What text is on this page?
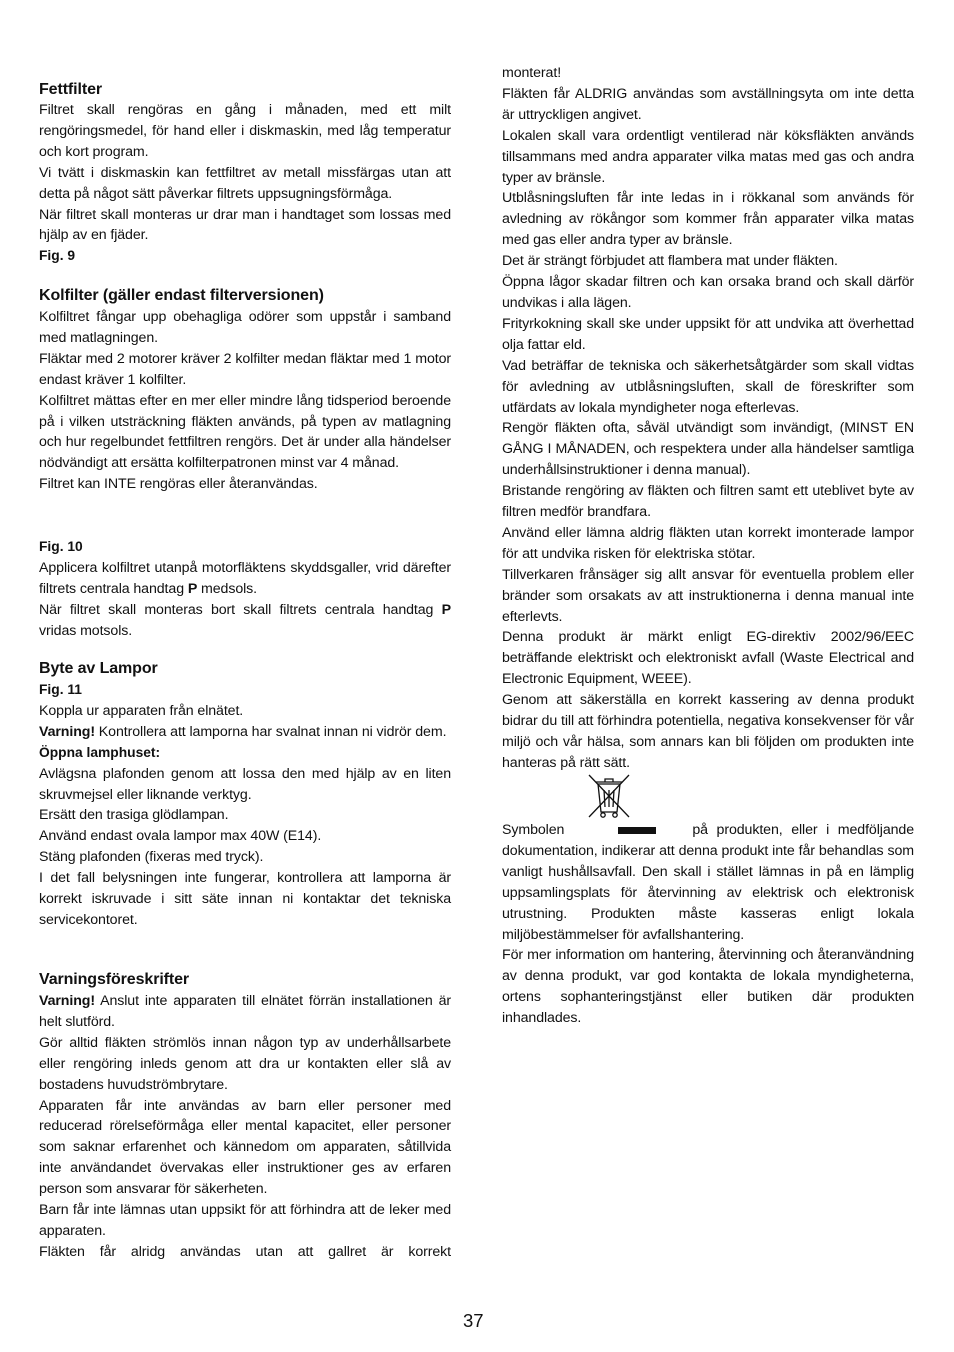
Fettfilter

Filtret skall rengöras en gång i månaden, med ett milt rengöringsmedel, för hand eller i diskmaskin, med låg temperatur och kort program.

Vi tvätt i diskmaskin kan fettfiltret av metall missfärgas utan att detta på något sätt påverkar filtrets uppsugningsförmåga.

När filtret skall monteras ur drar man i handtaget som lossas med hjälp av en fjäder.

Fig. 9

Kolfilter (gäller endast filterversionen)

Kolfiltret fångar upp obehagliga odörer som uppstår i samband med matlagningen.

Fläktar med 2 motorer kräver 2 kolfilter medan fläktar med 1 motor endast kräver 1 kolfilter.

Kolfiltret mättas efter en mer eller mindre lång tidsperiod beroende på i vilken utsträckning fläkten används, på typen av matlagning och hur regelbundet fettfiltren rengörs. Det är under alla händelser nödvändigt att ersätta kolfilterpatronen minst var 4 månad.

Filtret kan INTE rengöras eller återanvändas.

Fig. 10

Applicera kolfiltret utanpå motorfläktens skyddsgaller, vrid därefter filtrets centrala handtag P medsols.

När filtret skall monteras bort skall filtrets centrala handtag P vridas motsols.

Byte av Lampor

Fig. 11

Koppla ur apparaten från elnätet.

Varning! Kontrollera att lamporna har svalnat innan ni vidrör dem.

Öppna lamphuset:

Avlägsna plafonden genom att lossa den med hjälp av en liten skruvmejsel eller liknande verktyg.

Ersätt den trasiga glödlampan.

Använd endast ovala lampor max 40W (E14).

Stäng plafonden (fixeras med tryck).

I det fall belysningen inte fungerar, kontrollera att lamporna är korrekt iskruvade i sitt säte innan ni kontaktar det tekniska servicekontoret.

Varningsföreskrifter

Varning! Anslut inte apparaten till elnätet förrän installationen är helt slutförd.

Gör alltid fläkten strömlös innan någon typ av underhållsarbete eller rengöring inleds genom att dra ur kontakten eller slå av bostadens huvudströmbrytare.

Apparaten får inte användas av barn eller personer med reducerad rörelseförmåga eller mental kapacitet, eller personer som saknar erfarenhet och kännedom om apparaten, såtillvida inte användandet övervakas eller instruktioner ges av erfaren person som ansvarar för säkerheten.

Barn får inte lämnas utan uppsikt för att förhindra att de leker med apparaten.

Fläkten får alridg användas utan att gallret är korrekt

monterat!

Fläkten får ALDRIG användas som avställningsyta om inte detta är uttryckligen angivet.

Lokalen skall vara ordentligt ventilerad när köksfläkten används tillsammans med andra apparater vilka matas med gas och andra typer av bränsle.

Utblåsningsluften får inte ledas in i rökkanal som används för avledning av rökångor som kommer från apparater vilka matas med gas eller andra typer av bränsle.

Det är strängt förbjudet att flambera mat under fläkten.

Öppna lågor skadar filtren och kan orsaka brand och skall därför undvikas i alla lägen.

Frityrkokning skall ske under uppsikt för att undvika att överhettad olja fattar eld.

Vad beträffar de tekniska och säkerhetsåtgärder som skall vidtas för avledning av utblåsningsluften, skall de föreskrifter som utfärdats av lokala myndigheter noga efterlevas.

Rengör fläkten ofta, såväl utvändigt som invändigt, (MINST EN GÅNG I MÅNADEN, och respektera under alla händelser samtliga underhållsinstruktioner i denna manual).

Bristande rengöring av fläkten och filtren samt ett uteblivet byte av filtren medför brandfara.

Använd eller lämna aldrig fläkten utan korrekt imonterade lampor för att undvika risken för elektriska stötar.

Tillverkaren frånsäger sig allt ansvar för eventuella problem eller bränder som orsakats av att instruktionerna i denna manual inte efterlevts.

Denna produkt är märkt enligt EG-direktiv 2002/96/EEC beträffande elektriskt och elektroniskt avfall (Waste Electrical and Electronic Equipment, WEEE).

Genom att säkerställa en korrekt kassering av denna produkt bidrar du till att förhindra potentiella, negativa konsekvenser för vår miljö och vår hälsa, som annars kan bli följden om produkten inte hanteras på rätt sätt.

Symbolen	på produkten, eller i medföljande dokumentation, indikerar att denna produkt inte får behandlas som vanligt hushållsavfall. Den skall i stället lämnas in på en lämplig uppsamlingsplats för återvinning av elektrisk och elektronisk utrustning. Produkten måste kasseras enligt lokala miljöbestämmelser för avfallshantering.

För mer information om hantering, återvinning och återanvändning av denna produkt, var god kontakta de lokala myndigheterna, ortens sophanteringstjänst eller butiken där produkten inhandlades.

37
